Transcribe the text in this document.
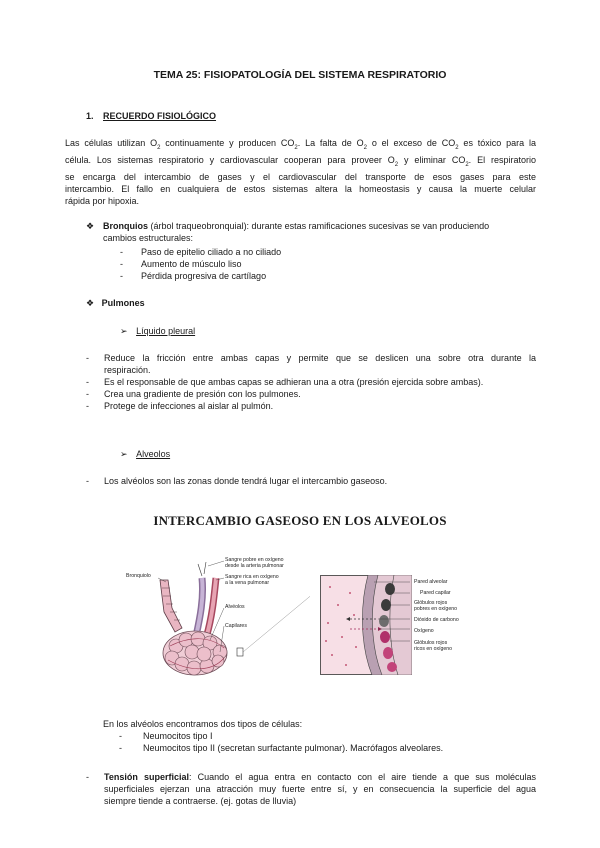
TEMA 25: FISIOPATOLOGÍA DEL SISTEMA RESPIRATORIO
1. RECUERDO FISIOLÓGICO
Las células utilizan $O_2$ continuamente y producen $CO_2$. La falta de $O_2$ o el exceso de $CO_2$ es tóxico para la
célula. Los sistemas respiratorio y cardiovascular cooperan para proveer $O_2$ y eliminar $CO_2$. El respiratorio
se encarga del intercambio de gases y el cardiovascular del transporte de esos gases para este
intercambio. El fallo en cualquiera de estos sistemas altera la homeostasis y causa la muerte celular
rápida por hipoxia.
❖ Bronquios (árbol traqueobronquial): durante estas ramificaciones sucesivas se van produciendo
cambios estructurales:
- Paso de epitelio ciliado a no ciliado
- Aumento de músculo liso
- Pérdida progresiva de cartílago
❖ Pulmones
➢ Líquido pleural
- Reduce la fricción entre ambas capas y permite que se deslicen una sobre otra durante la
respiración.
- Es el responsable de que ambas capas se adhieran una a otra (presión ejercida sobre ambas).
- Crea una gradiente de presión con los pulmones.
- Protege de infecciones al aislar al pulmón.
➢ Alveolos
- Los alvéolos son las zonas donde tendrá lugar el intercambio gaseoso.
INTERCAMBIO GASEOSO EN LOS ALVEOLOS
Bronquiolo
Sangre pobre en oxígeno
desde la arteria pulmonar
Sangre rica en oxígeno
a la vena pulmonar
Alvéolos
Capilares
Pared alveolar
Pared capilar
Glóbulos rojos
pobres en oxígeno
Dióxido de carbono
Oxígeno
Glóbulos rojos
ricos en oxígeno
En los alvéolos encontramos dos tipos de células:
- Neumocitos tipo I
- Neumocitos tipo II (secretan surfactante pulmonar). Macrófagos alveolares.
- Tensión superficial: Cuando el agua entra en contacto con el aire tiende a que sus moléculas
superficiales ejerzan una atracción muy fuerte entre sí, y en consecuencia la superficie del agua
siempre tiende a contraerse. (ej. gotas de lluvia)
